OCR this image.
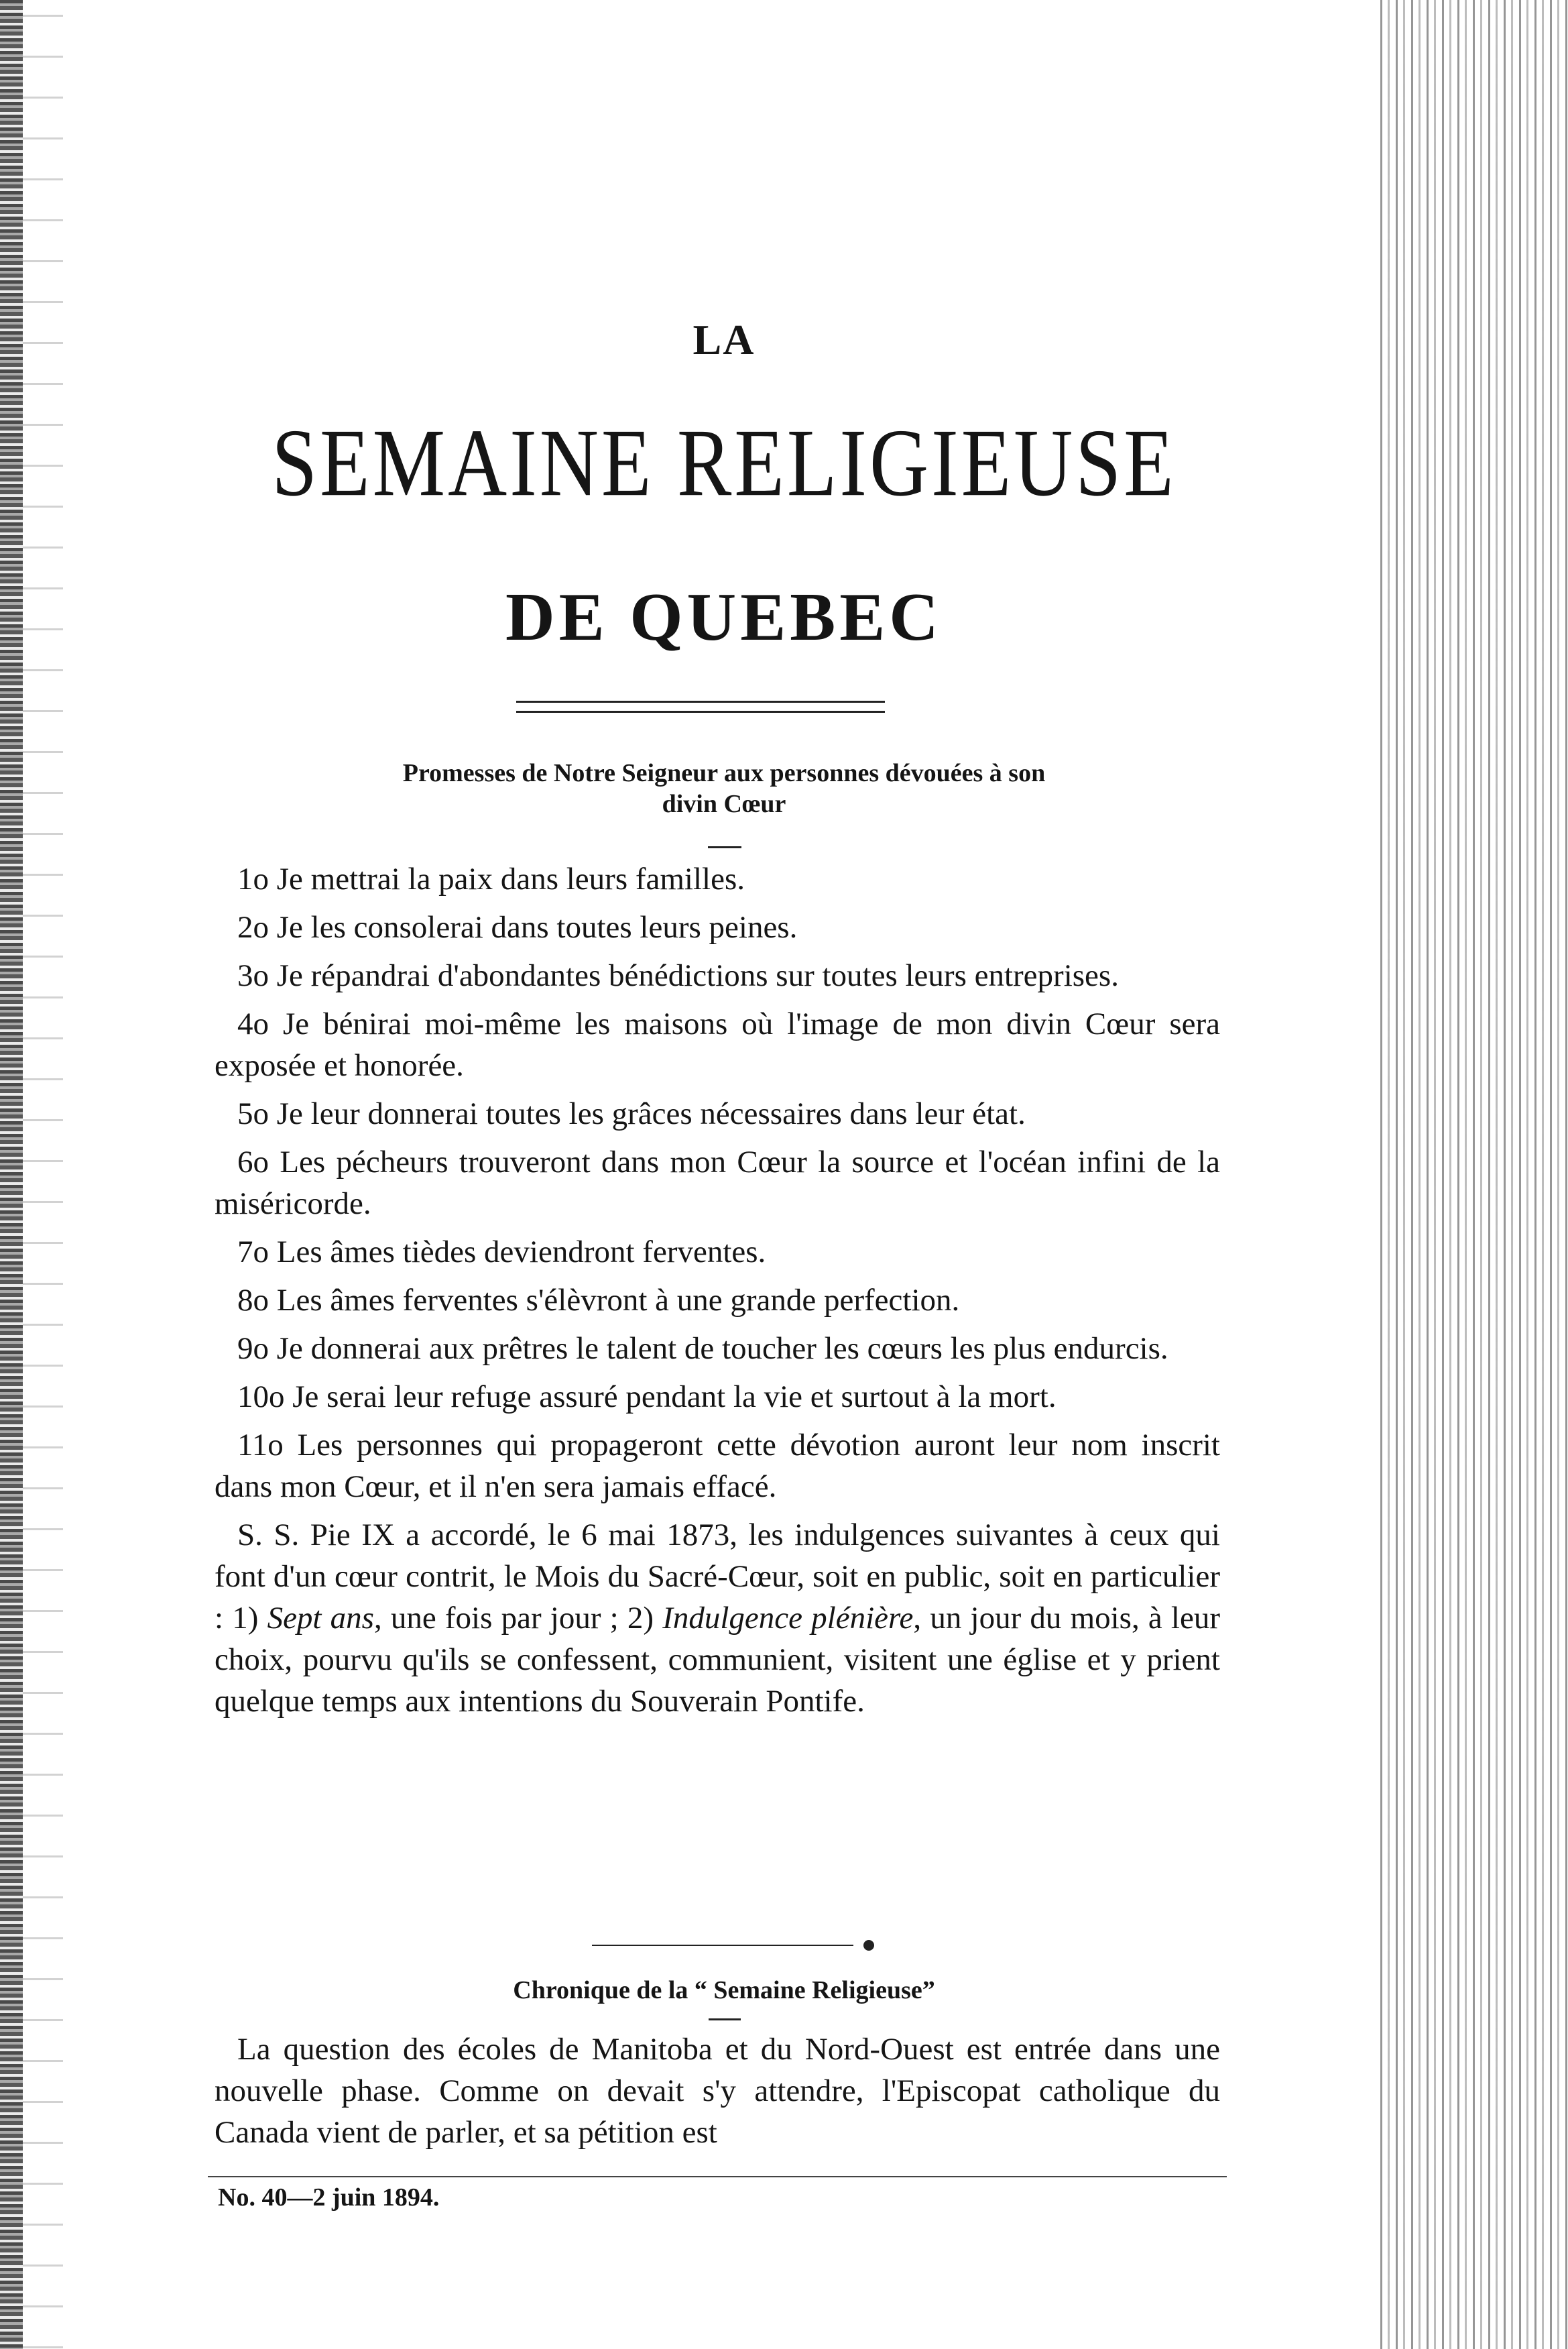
LA
SEMAINE RELIGIEUSE
DE QUEBEC
Promesses de Notre Seigneur aux personnes dévouées à son
divin Cœur

1o Je mettrai la paix dans leurs familles.

2o Je les consolerai dans toutes leurs peines.

3o Je répandrai d'abondantes bénédictions sur toutes leurs entreprises.

4o Je bénirai moi-même les maisons où l'image de mon divin Cœur sera exposée et honorée.

5o Je leur donnerai toutes les grâces nécessaires dans leur état.

6o Les pécheurs trouveront dans mon Cœur la source et l'océan infini de la miséricorde.

7o Les âmes tièdes deviendront ferventes.

8o Les âmes ferventes s'élèvront à une grande perfection.

9o Je donnerai aux prêtres le talent de toucher les cœurs les plus endurcis.

10o Je serai leur refuge assuré pendant la vie et surtout à la mort.

11o Les personnes qui propageront cette dévotion auront leur nom inscrit dans mon Cœur, et il n'en sera jamais effacé.

S. S. Pie IX a accordé, le 6 mai 1873, les indulgences suivantes à ceux qui font d'un cœur contrit, le Mois du Sacré-Cœur, soit en public, soit en particulier : 1) Sept ans, une fois par jour ; 2) Indulgence plénière, un jour du mois, à leur choix, pourvu qu'ils se confessent, communient, visitent une église et y prient quelque temps aux intentions du Souverain Pontife.

Chronique de la “ Semaine Religieuse”

La question des écoles de Manitoba et du Nord-Ouest est entrée dans une nouvelle phase. Comme on devait s'y attendre, l'Episcopat catholique du Canada vient de parler, et sa pétition est

No. 40—2 juin 1894.
